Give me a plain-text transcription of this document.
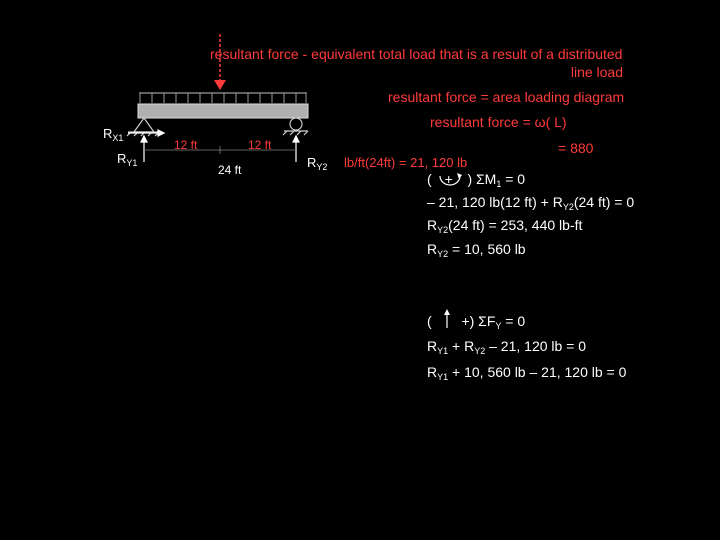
resultant force - equivalent total load that is a result of a distributed
line load
resultant force = area loading diagram
resultant force = ω( L)
= 880
lb/ft(24ft) = 21, 120 lb
$R_{X1}$
$R_{Y1}$	$R_{Y2}$
12 ft	12 ft
24 ft
( + ) $\Sigma M_1 = 0$
– 21, 120 lb(12 $ft) + R_{Y2}(24$ ft) = 0
$R_{Y2}(24$ ft) = 253, 440 lb-ft
$R_{Y2} = 10$, 560 lb
( +) $\Sigma F_Y = 0$
$R_{Y1} + R_{Y2} - 21$, 120 lb = 0
$R_{Y1} + 10$, 560 lb – 21, 120 lb = 0
